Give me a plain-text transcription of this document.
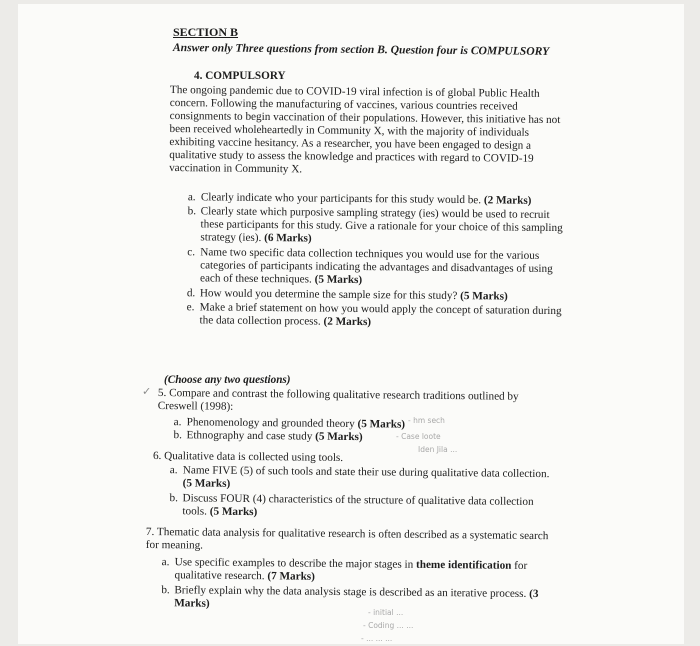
SECTION B
Answer only Three questions from section B. Question four is COMPULSORY
4. COMPULSORY
The ongoing pandemic due to COVID-19 viral infection is of global Public Health
concern. Following the manufacturing of vaccines, various countries received
consignments to begin vaccination of their populations. However, this initiative has not
been received wholeheartedly in Community X, with the majority of individuals
exhibiting vaccine hesitancy. As a researcher, you have been engaged to design a
qualitative study to assess the knowledge and practices with regard to COVID-19
vaccination in Community X.
a. Clearly indicate who your participants for this study would be. (2 Marks)
b. Clearly state which purposive sampling strategy (ies) would be used to recruit
these participants for this study. Give a rationale for your choice of this sampling
strategy (ies). (6 Marks)
c. Name two specific data collection techniques you would use for the various
categories of participants indicating the advantages and disadvantages of using
each of these techniques. (5 Marks)
d. How would you determine the sample size for this study? (5 Marks)
e. Make a brief statement on how you would apply the concept of saturation during
the data collection process. (2 Marks)
(Choose any two questions)
✓ 5. Compare and contrast the following qualitative research traditions outlined by
Creswell (1998):
a. Phenomenology and grounded theory (5 Marks)
b. Ethnography and case study (5 Marks)
- hm sech
- Case loote
Iden Jila ...
6. Qualitative data is collected using tools.
a. Name FIVE (5) of such tools and state their use during qualitative data collection.
(5 Marks)
b. Discuss FOUR (4) characteristics of the structure of qualitative data collection
tools. (5 Marks)
7. Thematic data analysis for qualitative research is often described as a systematic search
for meaning.
a. Use specific examples to describe the major stages in theme identification for
qualitative research. (7 Marks)
b. Briefly explain why the data analysis stage is described as an iterative process. (3
Marks)
- initial ...
- Coding ... ...
- ... ... ...
